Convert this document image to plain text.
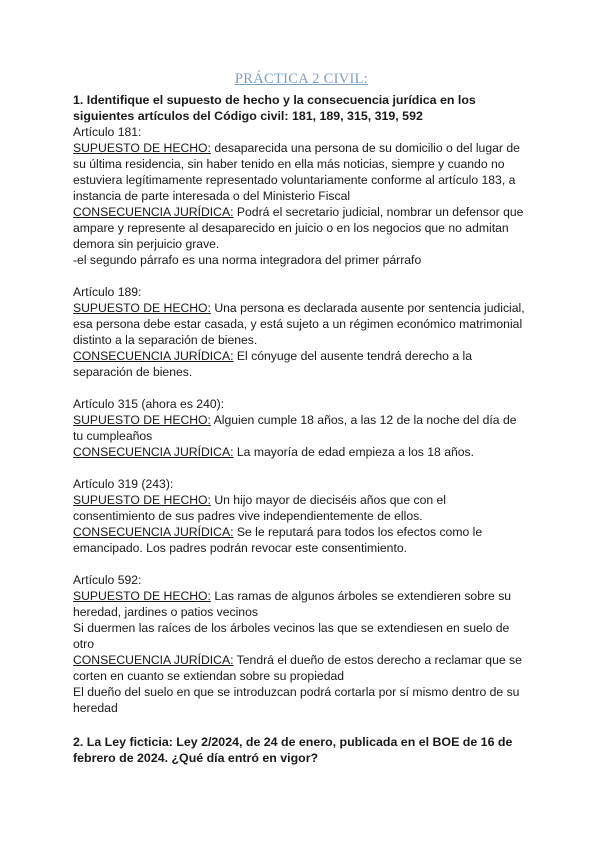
PRÁCTICA 2 CIVIL:

1. Identifique el supuesto de hecho y la consecuencia jurídica en los siguientes artículos del Código civil: 181, 189, 315, 319, 592

Artículo 181:

SUPUESTO DE HECHO: desaparecida una persona de su domicilio o del lugar de su última residencia, sin haber tenido en ella más noticias, siempre y cuando no estuviera legítimamente representado voluntariamente conforme al artículo 183, a instancia de parte interesada o del Ministerio Fiscal

CONSECUENCIA JURÍDICA: Podrá el secretario judicial, nombrar un defensor que ampare y represente al desaparecido en juicio o en los negocios que no admitan demora sin perjuicio grave.

-el segundo párrafo es una norma integradora del primer párrafo

Artículo 189:

SUPUESTO DE HECHO: Una persona es declarada ausente por sentencia judicial, esa persona debe estar casada, y está sujeto a un régimen económico matrimonial distinto a la separación de bienes.

CONSECUENCIA JURÍDICA: El cónyuge del ausente tendrá derecho a la separación de bienes.

Artículo 315 (ahora es 240):

SUPUESTO DE HECHO: Alguien cumple 18 años, a las 12 de la noche del día de tu cumpleaños

CONSECUENCIA JURÍDICA: La mayoría de edad empieza a los 18 años.

Artículo 319 (243):

SUPUESTO DE HECHO: Un hijo mayor de dieciséis años que con el consentimiento de sus padres vive independientemente de ellos.

CONSECUENCIA JURÍDICA: Se le reputará para todos los efectos como le emancipado. Los padres podrán revocar este consentimiento.

Artículo 592:

SUPUESTO DE HECHO: Las ramas de algunos árboles se extendieren sobre su heredad, jardines o patios vecinos

Si duermen las raíces de los árboles vecinos las que se extendiesen en suelo de otro

CONSECUENCIA JURÍDICA: Tendrá el dueño de estos derecho a reclamar que se corten en cuanto se extiendan sobre su propiedad

El dueño del suelo en que se introduzcan podrá cortarla por sí mismo dentro de su heredad

2. La Ley ficticia: Ley 2/2024, de 24 de enero, publicada en el BOE de 16 de febrero de 2024. ¿Qué día entró en vigor?
